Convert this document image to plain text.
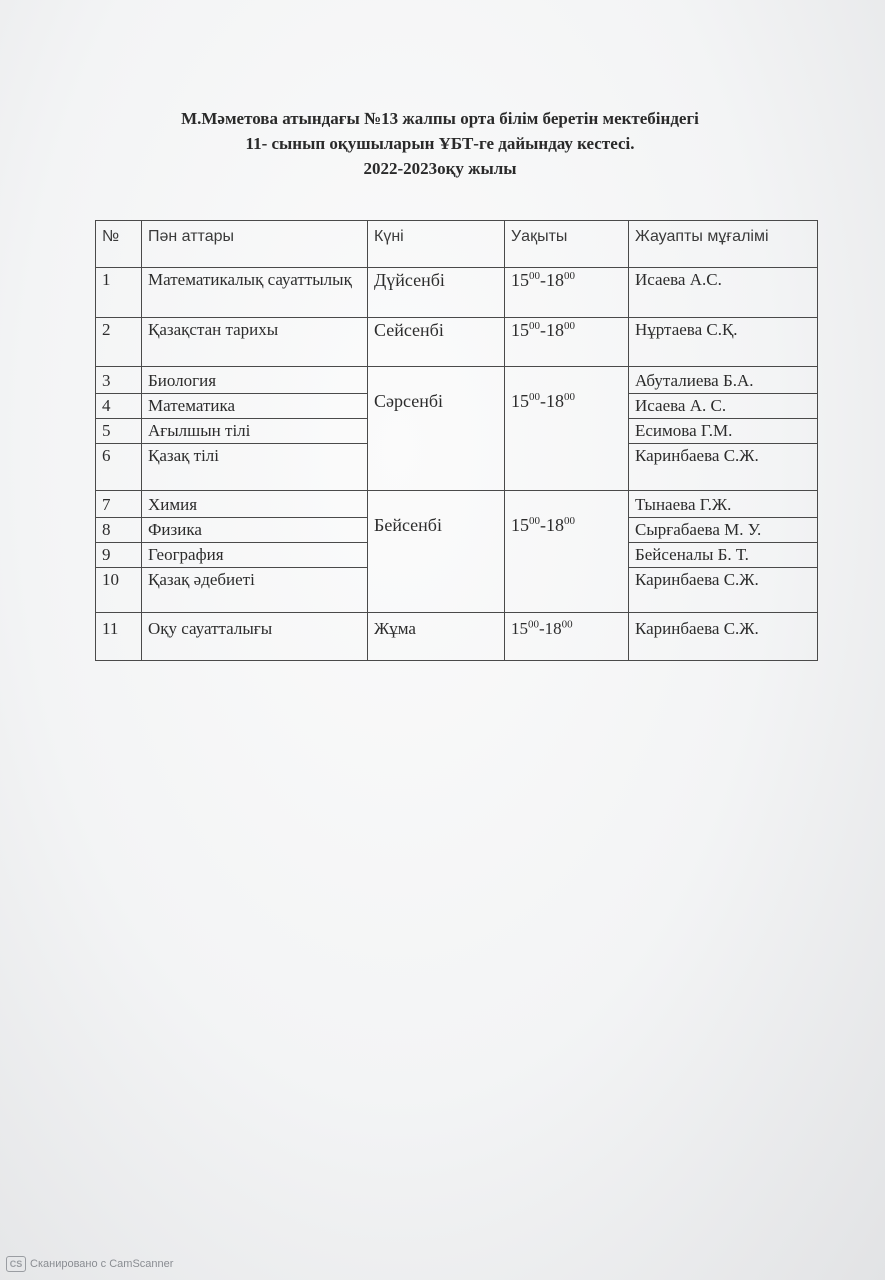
М.Мәметова атындағы №13 жалпы орта білім беретін мектебіндегі
11- сынып оқушыларын ҰБТ-ге дайындау кестесі.
2022-2023оқу жылы
№	Пән аттары	Күні	Уақыты	Жауапты мұғалімі
1	Математикалық сауаттылық	Дүйсенбі	$15^{00}-18^{00}$	Исаева А.С.
2	Қазақстан тарихы	Сейсенбі	$15^{00}-18^{00}$	Нұртаева С.Қ.
3	Биология	Сәрсенбі	$15^{00}-18^{00}$	Абуталиева Б.А.
4	Математика			Исаева А. С.
5	Ағылшын тілі			Есимова Г.М.
6	Қазақ тілі			Каринбаева С.Ж.
7	Химия	Бейсенбі	$15^{00}-18^{00}$	Тынаева Г.Ж.
8	Физика			Сырғабаева М. У.
9	География			Бейсеналы Б. Т.
10	Қазақ әдебиеті			Каринбаева С.Ж.
11	Оқу сауатталығы	Жұма	$15^{00}-18^{00}$	Каринбаева С.Ж.
CS Сканировано с CamScanner
